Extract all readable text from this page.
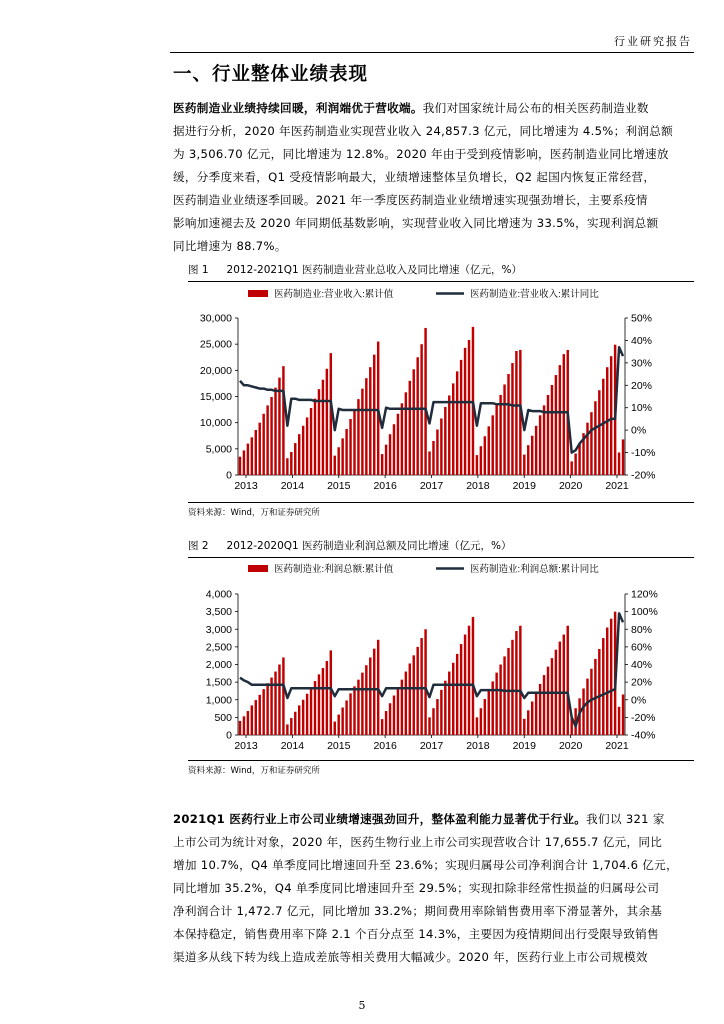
行业研究报告
一、行业整体业绩表现
医药制造业业绩持续回暖，利润端优于营收端。我们对国家统计局公布的相关医药制造业数
据进行分析，2020 年医药制造业实现营业收入 24,857.3 亿元，同比增速为 4.5%；利润总额
为 3,506.70 亿元，同比增速为 12.8%。2020 年由于受到疫情影响，医药制造业同比增速放
缓，分季度来看，Q1 受疫情影响最大，业绩增速整体呈负增长，Q2 起国内恢复正常经营，
医药制造业业绩逐季回暖。2021 年一季度医药制造业业绩增速实现强劲增长，主要系疫情
影响加速褪去及 2020 年同期低基数影响，实现营业收入同比增速为 33.5%，实现利润总额
同比增速为 88.7%。
图 1 2012-2021Q1 医药制造业营业总收入及同比增速（亿元，%）
医药制造业:营业收入:累计值	医药制造业:营业收入:累计同比
30,000
25,000
20,000
15,000
10,000
5,000
0
50%
40%
30%
20%
10%
0%
-10%
-20%
2013 2014 2015 2016 2017 2018 2019 2020 2021
资料来源：Wind，万和证券研究所
图 2 2012-2020Q1 医药制造业利润总额及同比增速（亿元，%）
医药制造业:利润总额:累计值	医药制造业:利润总额:累计同比
4,000
3,500
3,000
2,500
2,000
1,500
1,000
500
0
120%
100%
80%
60%
40%
20%
0%
-20%
-40%
2013 2014 2015 2016 2017 2018 2019 2020 2021
资料来源：Wind，万和证券研究所
2021Q1 医药行业上市公司业绩增速强劲回升，整体盈利能力显著优于行业。我们以 321 家
上市公司为统计对象，2020 年，医药生物行业上市公司实现营收合计 17,655.7 亿元，同比
增加 10.7%，Q4 单季度同比增速回升至 23.6%；实现归属母公司净利润合计 1,704.6 亿元，
同比增加 35.2%，Q4 单季度同比增速回升至 29.5%；实现扣除非经常性损益的归属母公司
净利润合计 1,472.7 亿元，同比增加 33.2%；期间费用率除销售费用率下滑显著外，其余基
本保持稳定，销售费用率下降 2.1 个百分点至 14.3%，主要因为疫情期间出行受限导致销售
渠道多从线下转为线上造成差旅等相关费用大幅减少。2020 年，医药行业上市公司规模效
5
